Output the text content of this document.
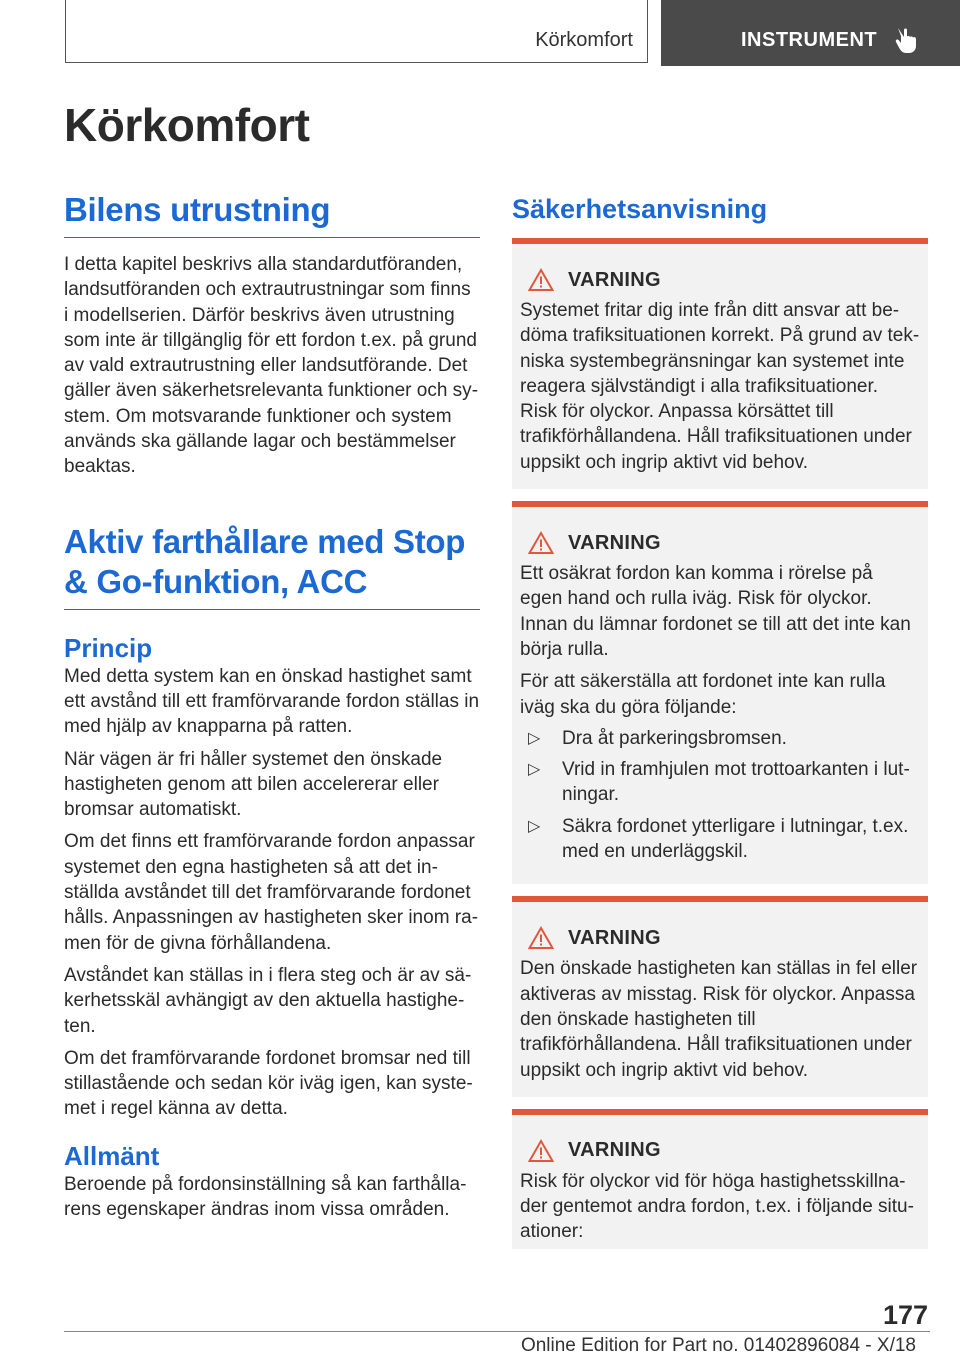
Körkomfort	INSTRUMENT
Körkomfort
Bilens utrustning

I detta kapitel beskrivs alla standardutföranden, landsutföranden och extrautrustningar som finns i modellserien. Därför beskrivs även utrustning som inte är tillgänglig för ett fordon t.ex. på grund av vald extrautrustning eller landsutförande. Det gäller även säkerhetsrelevanta funktioner och system. Om motsvarande funktioner och system används ska gällande lagar och bestämmelser beaktas.

Aktiv farthållare med Stop & Go-funktion, ACC
Princip

Med detta system kan en önskad hastighet samt ett avstånd till ett framförvarande fordon ställas in med hjälp av knapparna på ratten.

När vägen är fri håller systemet den önskade hastigheten genom att bilen accelererar eller bromsar automatiskt.

Om det finns ett framförvarande fordon anpassar systemet den egna hastigheten så att det inställda avståndet till det framförvarande fordonet hålls. Anpassningen av hastigheten sker inom ramen för de givna förhållandena.

Avståndet kan ställas in i flera steg och är av säkerhetsskäl avhängigt av den aktuella hastigheten.

Om det framförvarande fordonet bromsar ned till stillastående och sedan kör iväg igen, kan systemet i regel känna av detta.

Allmänt

Beroende på fordonsinställning så kan farthållarens egenskaper ändras inom vissa områden.

Säkerhetsanvisning
VARNING

Systemet fritar dig inte från ditt ansvar att bedöma trafiksituationen korrekt. På grund av tekniska systembegränsningar kan systemet inte reagera självständigt i alla trafiksituationer. Risk för olyckor. Anpassa körsättet till trafikförhållandena. Håll trafiksituationen under uppsikt och ingrip aktivt vid behov.

VARNING

Ett osäkrat fordon kan komma i rörelse på egen hand och rulla iväg. Risk för olyckor. Innan du lämnar fordonet se till att det inte kan börja rulla.

För att säkerställa att fordonet inte kan rulla iväg ska du göra följande:

▷	Dra åt parkeringsbromsen.
▷	Vrid in framhjulen mot trottoarkanten i lutningar.
▷	Säkra fordonet ytterligare i lutningar, t.ex. med en underläggskil.
VARNING

Den önskade hastigheten kan ställas in fel eller aktiveras av misstag. Risk för olyckor. Anpassa den önskade hastigheten till trafikförhållandena. Håll trafiksituationen under uppsikt och ingrip aktivt vid behov.

VARNING

Risk för olyckor vid för höga hastighetsskillnader gentemot andra fordon, t.ex. i följande situationer:

177
Online Edition for Part no. 01402896084 - X/18
